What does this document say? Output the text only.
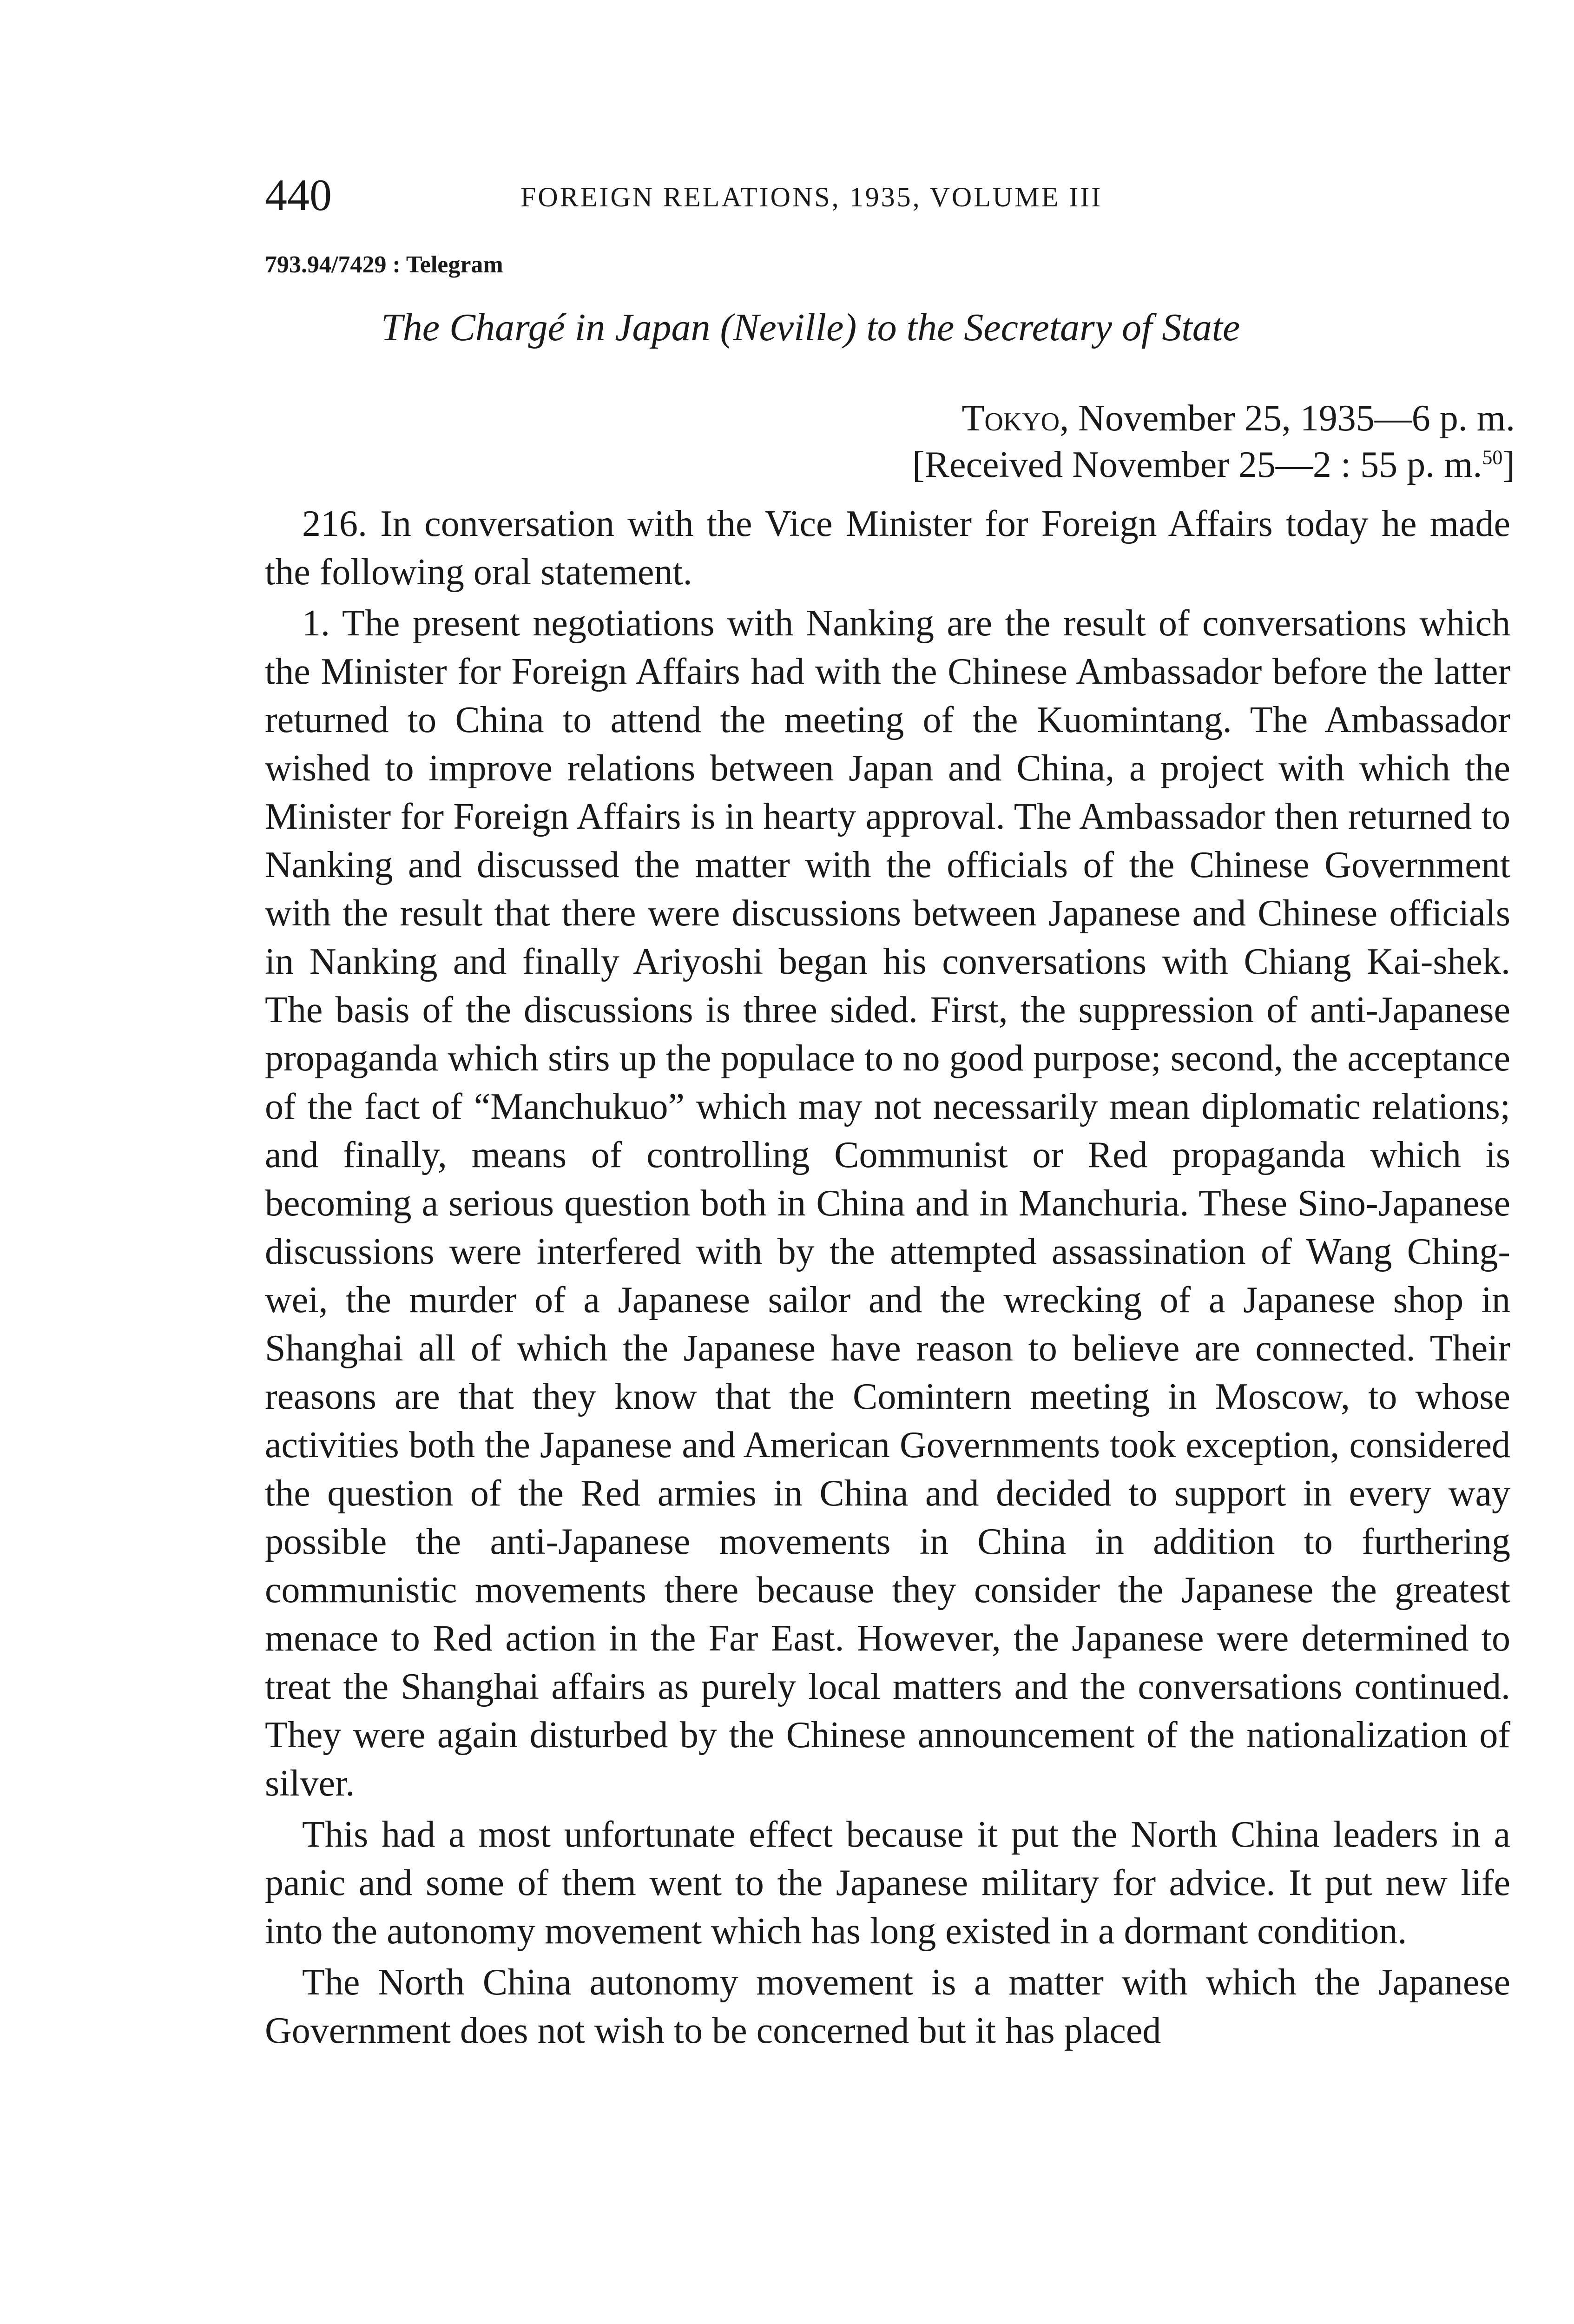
440	FOREIGN RELATIONS, 1935, VOLUME III
793.94/7429 : Telegram
The Chargé in Japan (Neville) to the Secretary of State
Tokyo, November 25, 1935—6 p. m.
[Received November 25—2 : 55 p. m.$^{50}$]

216. In conversation with the Vice Minister for Foreign Affairs today he made the following oral statement.

1. The present negotiations with Nanking are the result of conversations which the Minister for Foreign Affairs had with the Chinese Ambassador before the latter returned to China to attend the meeting of the Kuomintang. The Ambassador wished to improve relations between Japan and China, a project with which the Minister for Foreign Affairs is in hearty approval. The Ambassador then returned to Nanking and discussed the matter with the officials of the Chinese Government with the result that there were discussions between Japanese and Chinese officials in Nanking and finally Ariyoshi began his conversations with Chiang Kai-shek. The basis of the discussions is three sided. First, the suppression of anti-Japanese propaganda which stirs up the populace to no good purpose; second, the acceptance of the fact of “Manchukuo” which may not necessarily mean diplomatic relations; and finally, means of controlling Communist or Red propaganda which is becoming a serious question both in China and in Manchuria. These Sino-Japanese discussions were interfered with by the attempted assassination of Wang Ching-wei, the murder of a Japanese sailor and the wrecking of a Japanese shop in Shanghai all of which the Japanese have reason to believe are connected. Their reasons are that they know that the Comintern meeting in Moscow, to whose activities both the Japanese and American Governments took exception, considered the question of the Red armies in China and decided to support in every way possible the anti-Japanese movements in China in addition to furthering communistic movements there because they consider the Japanese the greatest menace to Red action in the Far East. However, the Japanese were determined to treat the Shanghai affairs as purely local matters and the conversations continued. They were again disturbed by the Chinese announcement of the nationalization of silver.

This had a most unfortunate effect because it put the North China leaders in a panic and some of them went to the Japanese military for advice. It put new life into the autonomy movement which has long existed in a dormant condition.

The North China autonomy movement is a matter with which the Japanese Government does not wish to be concerned but it has placed
